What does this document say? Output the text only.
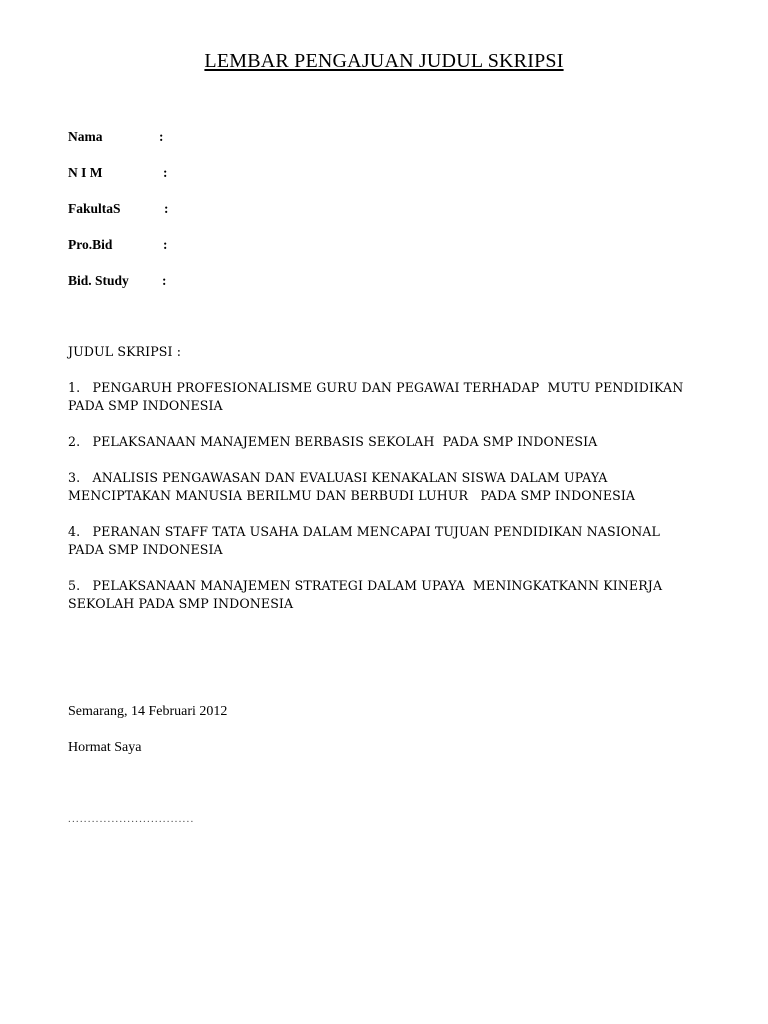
LEMBAR PENGAJUAN JUDUL SKRIPSI
Nama	:
N I M	:
FakultaS	:
Pro.Bid	:
Bid. Study :
JUDUL SKRIPSI :
1.   PENGARUH PROFESIONALISME GURU DAN PEGAWAI TERHADAP  MUTU PENDIDIKAN
PADA SMP INDONESIA
2.   PELAKSANAAN MANAJEMEN BERBASIS SEKOLAH  PADA SMP INDONESIA
3.   ANALISIS PENGAWASAN DAN EVALUASI KENAKALAN SISWA DALAM UPAYA
MENCIPTAKAN MANUSIA BERILMU DAN BERBUDI LUHUR   PADA SMP INDONESIA
4.   PERANAN STAFF TATA USAHA DALAM MENCAPAI TUJUAN PENDIDIKAN NASIONAL
PADA SMP INDONESIA
5.   PELAKSANAAN MANAJEMEN STRATEGI DALAM UPAYA  MENINGKATKANN KINERJA
SEKOLAH PADA SMP INDONESIA
Semarang, 14 Februari 2012
Hormat Saya
................................
